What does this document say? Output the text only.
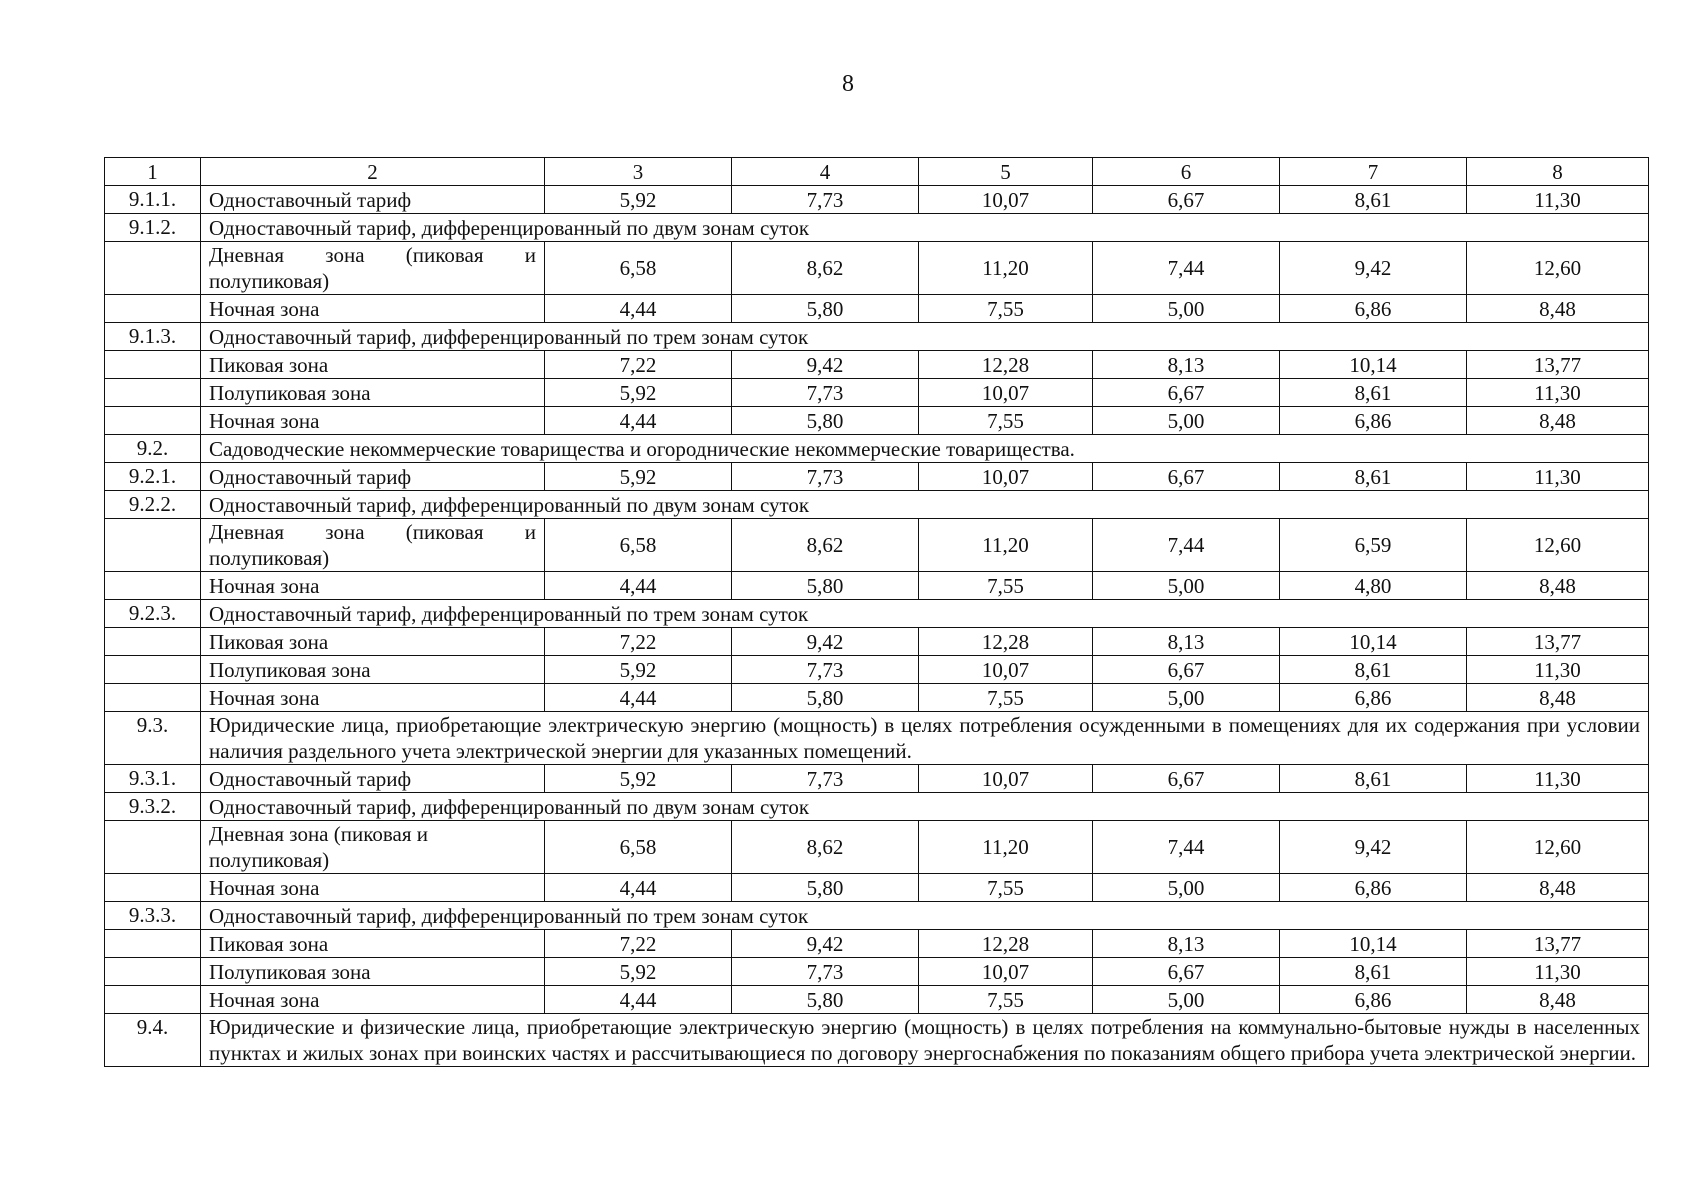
8
1	2	3	4	5	6	7	8
9.1.1.	Одноставочный тариф	5,92	7,73	10,07	6,67	8,61	11,30
9.1.2.	Одноставочный тариф, дифференцированный по двум зонам суток						
	Дневная зона (пиковая и полупиковая)	6,58	8,62	11,20	7,44	9,42	12,60
	Ночная зона	4,44	5,80	7,55	5,00	6,86	8,48
9.1.3.	Одноставочный тариф, дифференцированный по трем зонам суток						
	Пиковая зона	7,22	9,42	12,28	8,13	10,14	13,77
	Полупиковая зона	5,92	7,73	10,07	6,67	8,61	11,30
	Ночная зона	4,44	5,80	7,55	5,00	6,86	8,48
9.2.	Садоводческие некоммерческие товарищества и огороднические некоммерческие товарищества.						
9.2.1.	Одноставочный тариф	5,92	7,73	10,07	6,67	8,61	11,30
9.2.2.	Одноставочный тариф, дифференцированный по двум зонам суток						
	Дневная зона (пиковая и полупиковая)	6,58	8,62	11,20	7,44	6,59	12,60
	Ночная зона	4,44	5,80	7,55	5,00	4,80	8,48
9.2.3.	Одноставочный тариф, дифференцированный по трем зонам суток						
	Пиковая зона	7,22	9,42	12,28	8,13	10,14	13,77
	Полупиковая зона	5,92	7,73	10,07	6,67	8,61	11,30
	Ночная зона	4,44	5,80	7,55	5,00	6,86	8,48
9.3.	Юридические лица, приобретающие электрическую энергию (мощность) в целях потребления осужденными в помещениях для их содержания при условии наличия раздельного учета электрической энергии для указанных помещений.						
9.3.1.	Одноставочный тариф	5,92	7,73	10,07	6,67	8,61	11,30
9.3.2.	Одноставочный тариф, дифференцированный по двум зонам суток						
	Дневная зона (пиковая и полупиковая)	6,58	8,62	11,20	7,44	9,42	12,60
	Ночная зона	4,44	5,80	7,55	5,00	6,86	8,48
9.3.3.	Одноставочный тариф, дифференцированный по трем зонам суток						
	Пиковая зона	7,22	9,42	12,28	8,13	10,14	13,77
	Полупиковая зона	5,92	7,73	10,07	6,67	8,61	11,30
	Ночная зона	4,44	5,80	7,55	5,00	6,86	8,48
9.4.	Юридические и физические лица, приобретающие электрическую энергию (мощность) в целях потребления на коммунально-бытовые нужды в населенных пунктах и жилых зонах при воинских частях и рассчитывающиеся по договору энергоснабжения по показаниям общего прибора учета электрической энергии.						
